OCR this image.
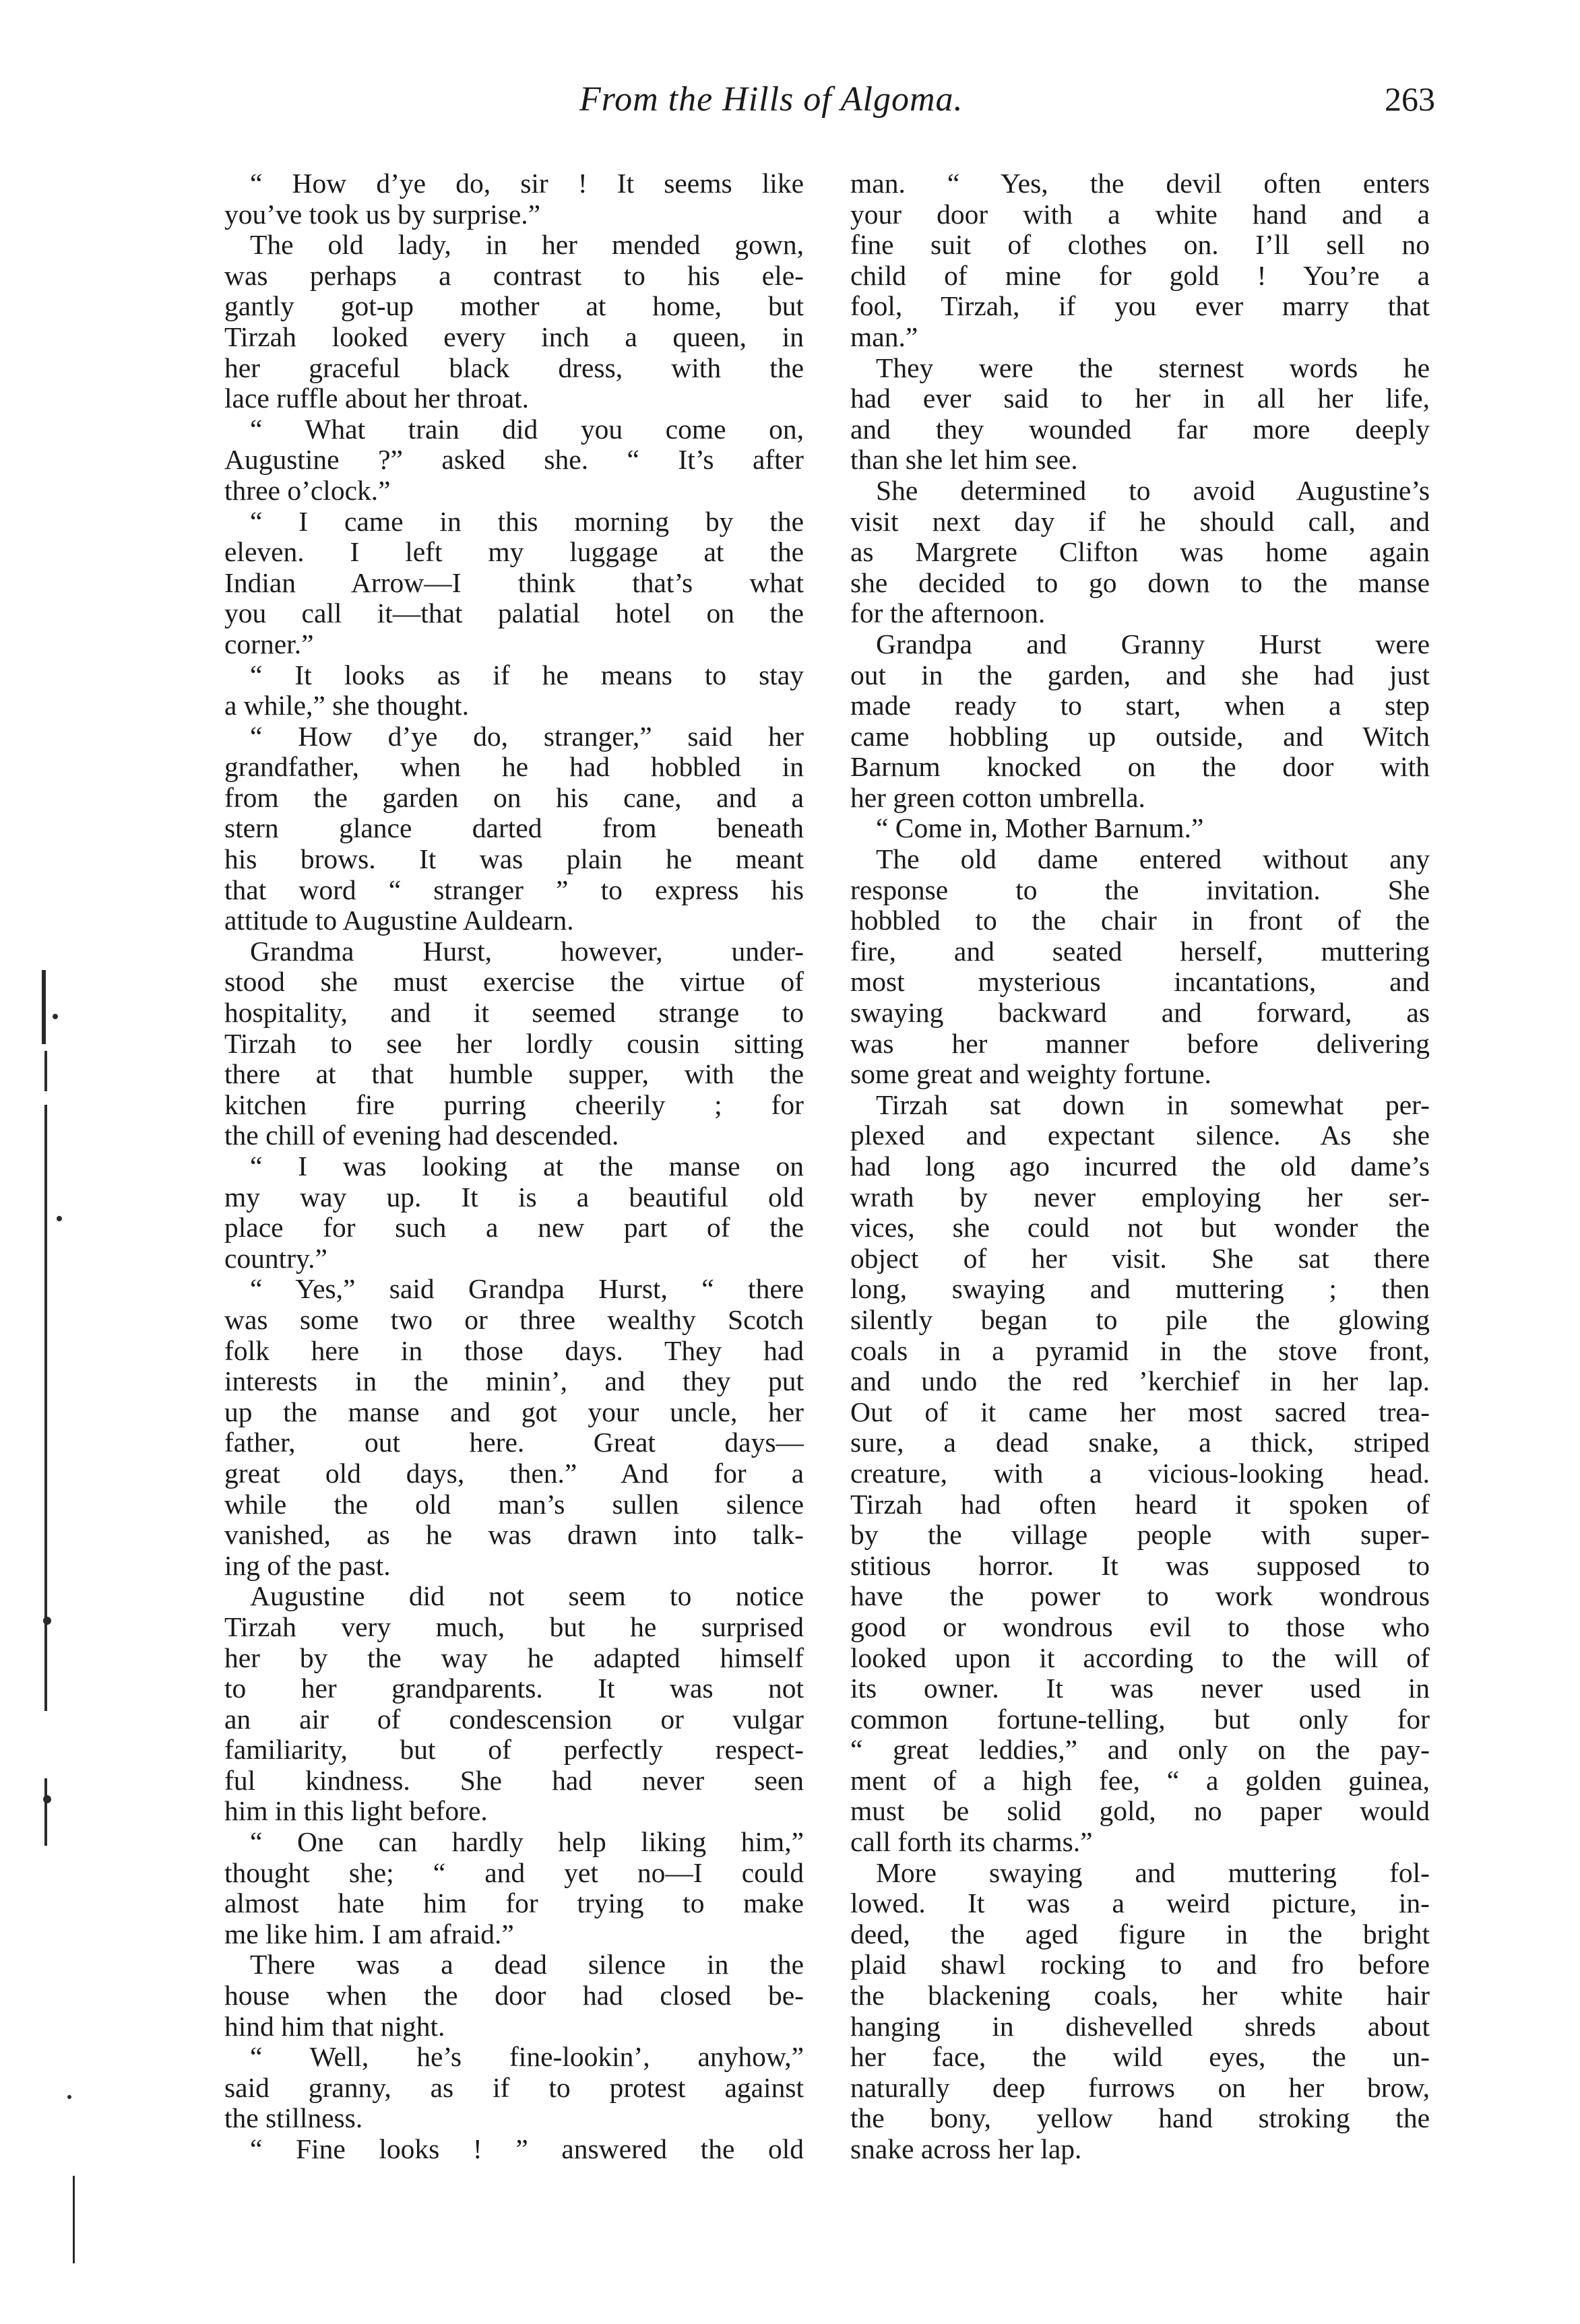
From the Hills of Algoma.	263
“ How d’ye do, sir ! It seems like
you’ve took us by surprise.”
The old lady, in her mended gown,
was perhaps a contrast to his ele-
gantly got-up mother at home, but
Tirzah looked every inch a queen, in
her graceful black dress, with the
lace ruffle about her throat.
“ What train did you come on,
Augustine ?” asked she. “ It’s after
three o’clock.”
“ I came in this morning by the
eleven. I left my luggage at the
Indian Arrow—I think that’s what
you call it—that palatial hotel on the
corner.”
“ It looks as if he means to stay
a while,” she thought.
“ How d’ye do, stranger,” said her
grandfather, when he had hobbled in
from the garden on his cane, and a
stern glance darted from beneath
his brows. It was plain he meant
that word “ stranger ” to express his
attitude to Augustine Auldearn.
Grandma Hurst, however, under-
stood she must exercise the virtue of
hospitality, and it seemed strange to
Tirzah to see her lordly cousin sitting
there at that humble supper, with the
kitchen fire purring cheerily ; for
the chill of evening had descended.
“ I was looking at the manse on
my way up. It is a beautiful old
place for such a new part of the
country.”
“ Yes,” said Grandpa Hurst, “ there
was some two or three wealthy Scotch
folk here in those days. They had
interests in the minin’, and they put
up the manse and got your uncle, her
father, out here. Great days—
great old days, then.” And for a
while the old man’s sullen silence
vanished, as he was drawn into talk-
ing of the past.
Augustine did not seem to notice
Tirzah very much, but he surprised
her by the way he adapted himself
to her grandparents. It was not
an air of condescension or vulgar
familiarity, but of perfectly respect-
ful kindness. She had never seen
him in this light before.
“ One can hardly help liking him,”
thought she; “ and yet no—I could
almost hate him for trying to make
me like him. I am afraid.”
There was a dead silence in the
house when the door had closed be-
hind him that night.
“ Well, he’s fine-lookin’, anyhow,”
said granny, as if to protest against
the stillness.
“ Fine looks ! ” answered the old
man. “ Yes, the devil often enters
your door with a white hand and a
fine suit of clothes on. I’ll sell no
child of mine for gold ! You’re a
fool, Tirzah, if you ever marry that
man.”
They were the sternest words he
had ever said to her in all her life,
and they wounded far more deeply
than she let him see.
She determined to avoid Augustine’s
visit next day if he should call, and
as Margrete Clifton was home again
she decided to go down to the manse
for the afternoon.
Grandpa and Granny Hurst were
out in the garden, and she had just
made ready to start, when a step
came hobbling up outside, and Witch
Barnum knocked on the door with
her green cotton umbrella.
“ Come in, Mother Barnum.”
The old dame entered without any
response to the invitation. She
hobbled to the chair in front of the
fire, and seated herself, muttering
most mysterious incantations, and
swaying backward and forward, as
was her manner before delivering
some great and weighty fortune.
Tirzah sat down in somewhat per-
plexed and expectant silence. As she
had long ago incurred the old dame’s
wrath by never employing her ser-
vices, she could not but wonder the
object of her visit. She sat there
long, swaying and muttering ; then
silently began to pile the glowing
coals in a pyramid in the stove front,
and undo the red ’kerchief in her lap.
Out of it came her most sacred trea-
sure, a dead snake, a thick, striped
creature, with a vicious-looking head.
Tirzah had often heard it spoken of
by the village people with super-
stitious horror. It was supposed to
have the power to work wondrous
good or wondrous evil to those who
looked upon it according to the will of
its owner. It was never used in
common fortune-telling, but only for
“ great leddies,” and only on the pay-
ment of a high fee, “ a golden guinea,
must be solid gold, no paper would
call forth its charms.”
More swaying and muttering fol-
lowed. It was a weird picture, in-
deed, the aged figure in the bright
plaid shawl rocking to and fro before
the blackening coals, her white hair
hanging in dishevelled shreds about
her face, the wild eyes, the un-
naturally deep furrows on her brow,
the bony, yellow hand stroking the
snake across her lap.
